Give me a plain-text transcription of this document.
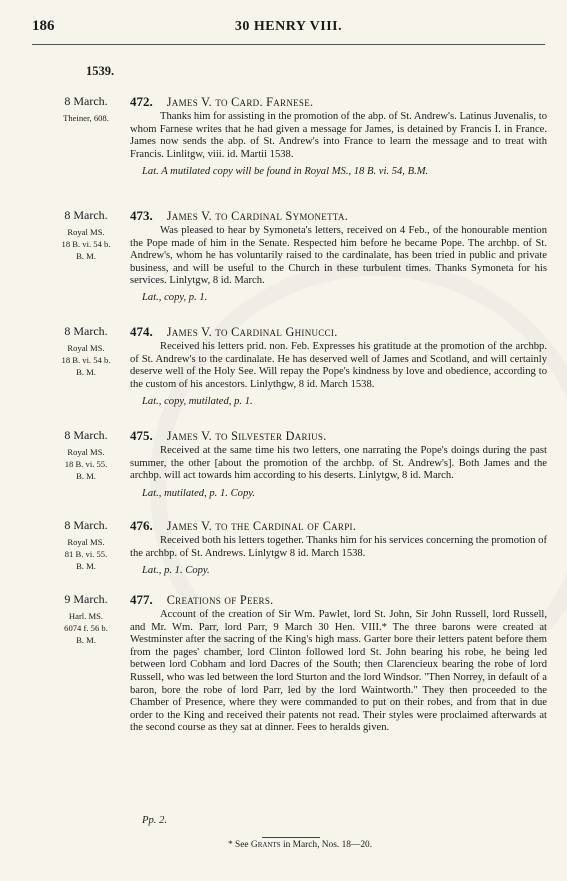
186	30 HENRY VIII.
1539.
8 March.
Theiner, 608.
472. James V. to Card. Farnese.
Thanks him for assisting in the promotion of the abp. of St. Andrew's. Latinus Juvenalis, to whom Farnese writes that he had given a message for James, is detained by Francis I. in France. James now sends the abp. of St. Andrew's into France to learn the message and to treat with Francis. Linlitgw, viii. id. Martii 1538.
Lat. A mutilated copy will be found in Royal MS., 18 B. vi. 54, B.M.
8 March.
Royal MS.
18 B. vi. 54 b.
B. M.
473. James V. to Cardinal Symonetta.
Was pleased to hear by Symoneta's letters, received on 4 Feb., of the honourable mention the Pope made of him in the Senate. Respected him before he became Pope. The archbp. of St. Andrew's, whom he has voluntarily raised to the cardinalate, has been tried in public and private business, and will be useful to the Church in these turbulent times. Thanks Symoneta for his services. Linlytgw, 8 id. March.
Lat., copy, p. 1.
8 March.
Royal MS.
18 B. vi. 54 b.
B. M.
474. James V. to Cardinal Ghinucci.
Received his letters prid. non. Feb. Expresses his gratitude at the promotion of the archbp. of St. Andrew's to the cardinalate. He has deserved well of James and Scotland, and will certainly deserve well of the Holy See. Will repay the Pope's kindness by love and obedience, according to the custom of his ancestors. Linlythgw, 8 id. March 1538.
Lat., copy, mutilated, p. 1.
8 March.
Royal MS.
18 B. vi. 55.
B. M.
475. James V. to Silvester Darius.
Received at the same time his two letters, one narrating the Pope's doings during the past summer, the other [about the promotion of the archbp. of St. Andrew's]. Both James and the archbp. will act towards him according to his deserts. Linlytgw, 8 id. March.
Lat., mutilated, p. 1. Copy.
8 March.
Royal MS.
81 B. vi. 55.
B. M.
476. James V. to the Cardinal of Carpi.
Received both his letters together. Thanks him for his services concerning the promotion of the archbp. of St. Andrews. Linlytgw 8 id. March 1538.
Lat., p. 1. Copy.
9 March.
Harl. MS.
6074 f. 56 b.
B. M.
477. Creations of Peers.
Account of the creation of Sir Wm. Pawlet, lord St. John, Sir John Russell, lord Russell, and Mr. Wm. Parr, lord Parr, 9 March 30 Hen. VIII.* The three barons were created at Westminster after the sacring of the King's high mass. Garter bore their letters patent before them from the pages' chamber, lord Clinton followed lord St. John bearing his robe, he being led between lord Cobham and lord Dacres of the South; then Clarencieux bearing the robe of lord Russell, who was led between the lord Sturton and the lord Windsor. "Then Norrey, in default of a baron, bore the robe of lord Parr, led by the lord Waintworth." They then proceeded to the Chamber of Presence, where they were commanded to put on their robes, and from that in due order to the King and received their patents not read. Their styles were proclaimed afterwards at the second course as they sat at dinner. Fees to heralds given.
Pp. 2.
* See Grants in March, Nos. 18—20.
